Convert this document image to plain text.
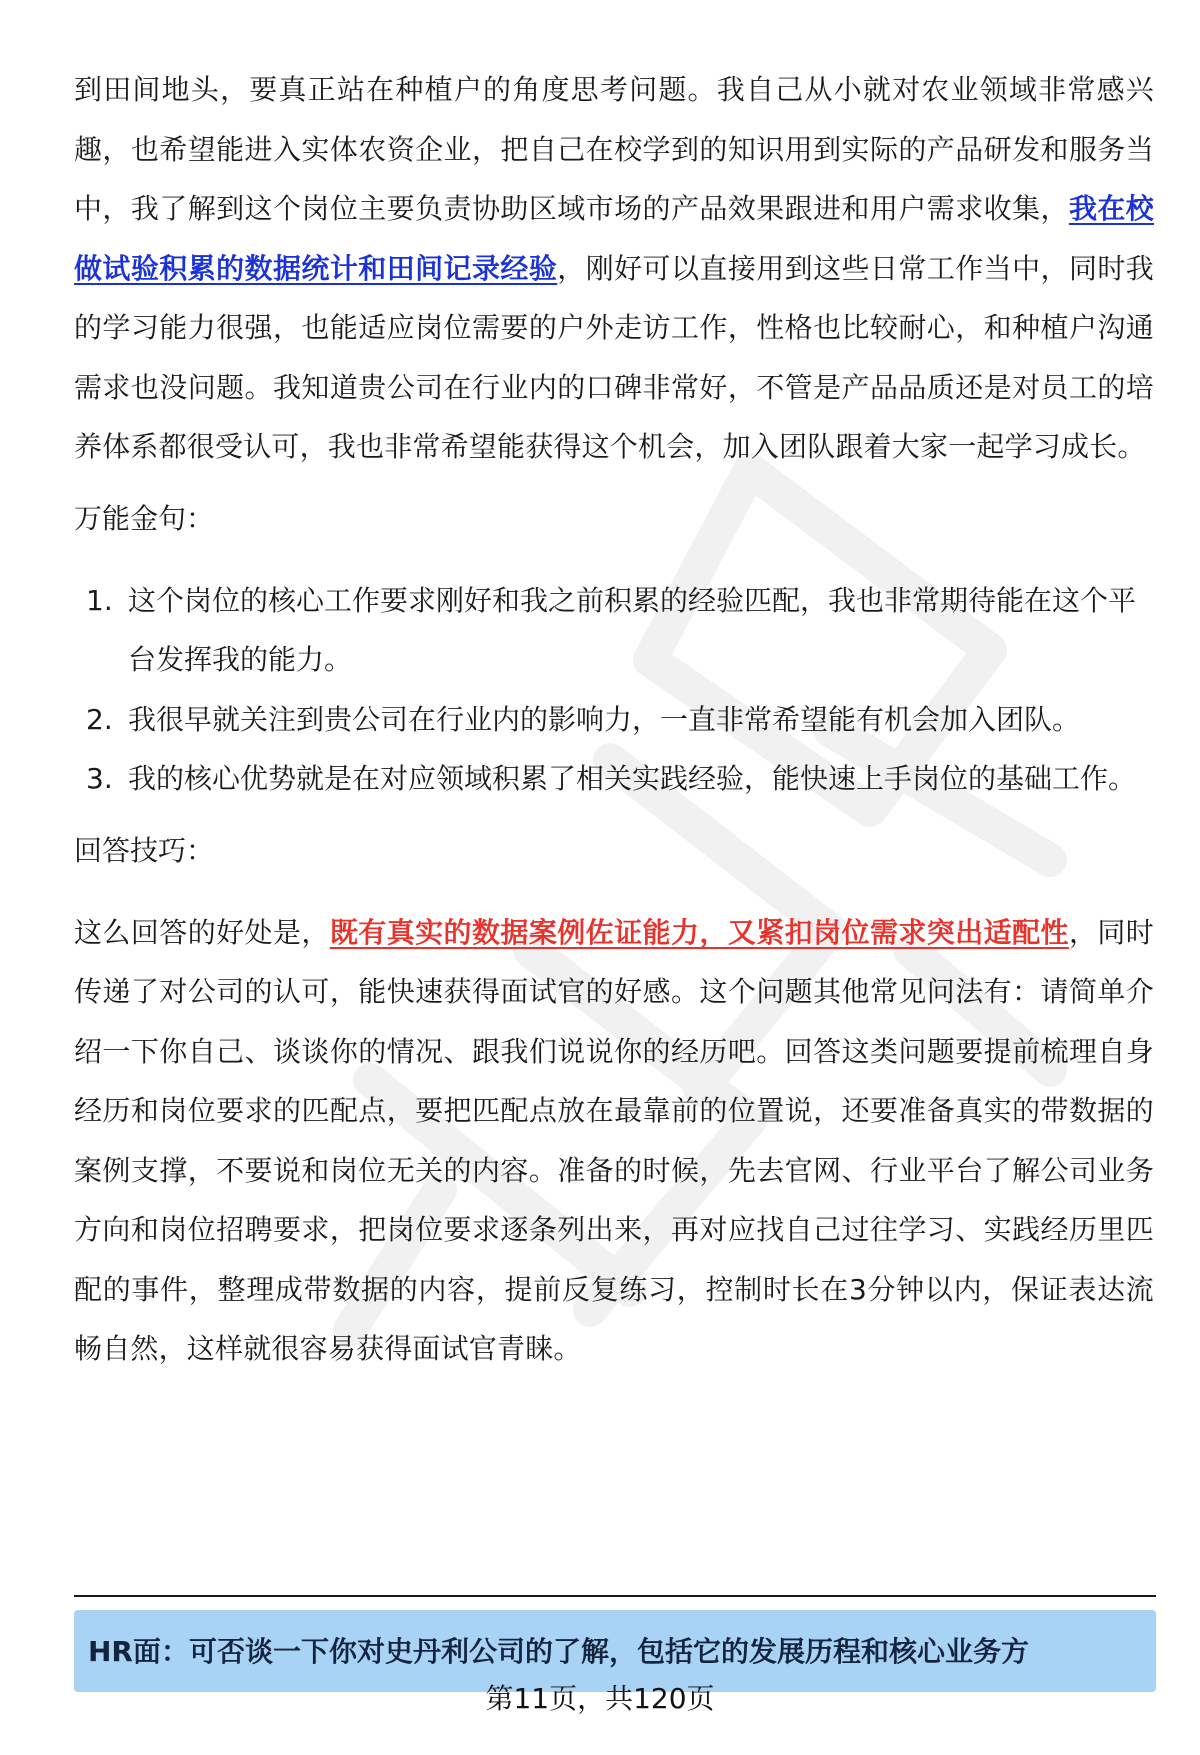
到田间地头，要真正站在种植户的角度思考问题。我自己从小就对农业领域非常感兴趣，也希望能进入实体农资企业，把自己在校学到的知识用到实际的产品研发和服务当中，我了解到这个岗位主要负责协助区域市场的产品效果跟进和用户需求收集，我在校做试验积累的数据统计和田间记录经验，刚好可以直接用到这些日常工作当中，同时我的学习能力很强，也能适应岗位需要的户外走访工作，性格也比较耐心，和种植户沟通需求也没问题。我知道贵公司在行业内的口碑非常好，不管是产品品质还是对员工的培养体系都很受认可，我也非常希望能获得这个机会，加入团队跟着大家一起学习成长。

万能金句：

1. 这个岗位的核心工作要求刚好和我之前积累的经验匹配，我也非常期待能在这个平台发挥我的能力。
2. 我很早就关注到贵公司在行业内的影响力，一直非常希望能有机会加入团队。
3. 我的核心优势就是在对应领域积累了相关实践经验，能快速上手岗位的基础工作。

回答技巧：

这么回答的好处是，既有真实的数据案例佐证能力，又紧扣岗位需求突出适配性，同时传递了对公司的认可，能快速获得面试官的好感。这个问题其他常见问法有：请简单介绍一下你自己、谈谈你的情况、跟我们说说你的经历吧。回答这类问题要提前梳理自身经历和岗位要求的匹配点，要把匹配点放在最靠前的位置说，还要准备真实的带数据的案例支撑，不要说和岗位无关的内容。准备的时候，先去官网、行业平台了解公司业务方向和岗位招聘要求，把岗位要求逐条列出来，再对应找自己过往学习、实践经历里匹配的事件，整理成带数据的内容，提前反复练习，控制时长在3分钟以内，保证表达流畅自然，这样就很容易获得面试官青睐。

HR面：可否谈一下你对史丹利公司的了解，包括它的发展历程和核心业务方
第11页，共120页
